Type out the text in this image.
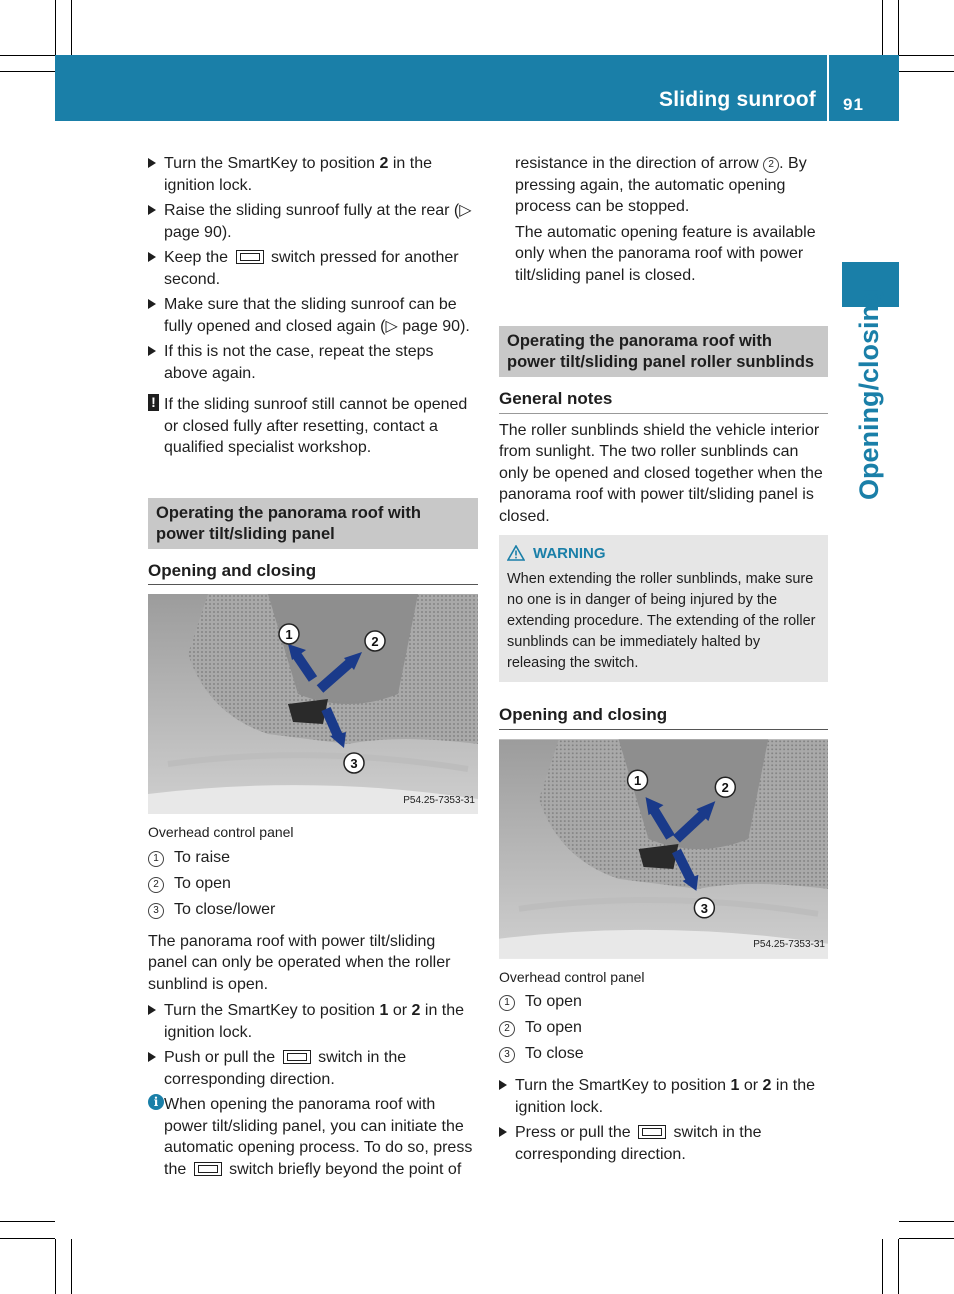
Sliding sunroof 91
Opening/closing
Turn the SmartKey to position 2 in the ignition lock.
Raise the sliding sunroof fully at the rear (▷ page 90).
Keep the  switch pressed for another second.
Make sure that the sliding sunroof can be fully opened and closed again (▷ page 90).
If this is not the case, repeat the steps above again.
! If the sliding sunroof still cannot be opened or closed fully after resetting, contact a qualified specialist workshop.
Operating the panorama roof with power tilt/sliding panel
Opening and closing
1	2
3
P54.25-7353-31
Overhead control panel
1 To raise
2 To open
3 To close/lower

The panorama roof with power tilt/sliding panel can only be operated when the roller sunblind is open.

Turn the SmartKey to position 1 or 2 in the ignition lock.
Push or pull the  switch in the corresponding direction.
i When opening the panorama roof with power tilt/sliding panel, you can initiate the automatic opening process. To do so, press the  switch briefly beyond the point of
resistance in the direction of arrow 2 . By pressing again, the automatic opening process can be stopped.

The automatic opening feature is available only when the panorama roof with power tilt/sliding panel is closed.

Operating the panorama roof with power tilt/sliding panel roller sunblinds
General notes

The roller sunblinds shield the vehicle interior from sunlight. The two roller sunblinds can only be opened and closed together when the panorama roof with power tilt/sliding panel is closed.

WARNING
When extending the roller sunblinds, make sure no one is in danger of being injured by the extending procedure. The extending of the roller sunblinds can be immediately halted by releasing the switch.
Opening and closing
1	2
3
P54.25-7353-31
Overhead control panel
1 To open
2 To open
3 To close
Turn the SmartKey to position 1 or 2 in the ignition lock.
Press or pull the  switch in the corresponding direction.
